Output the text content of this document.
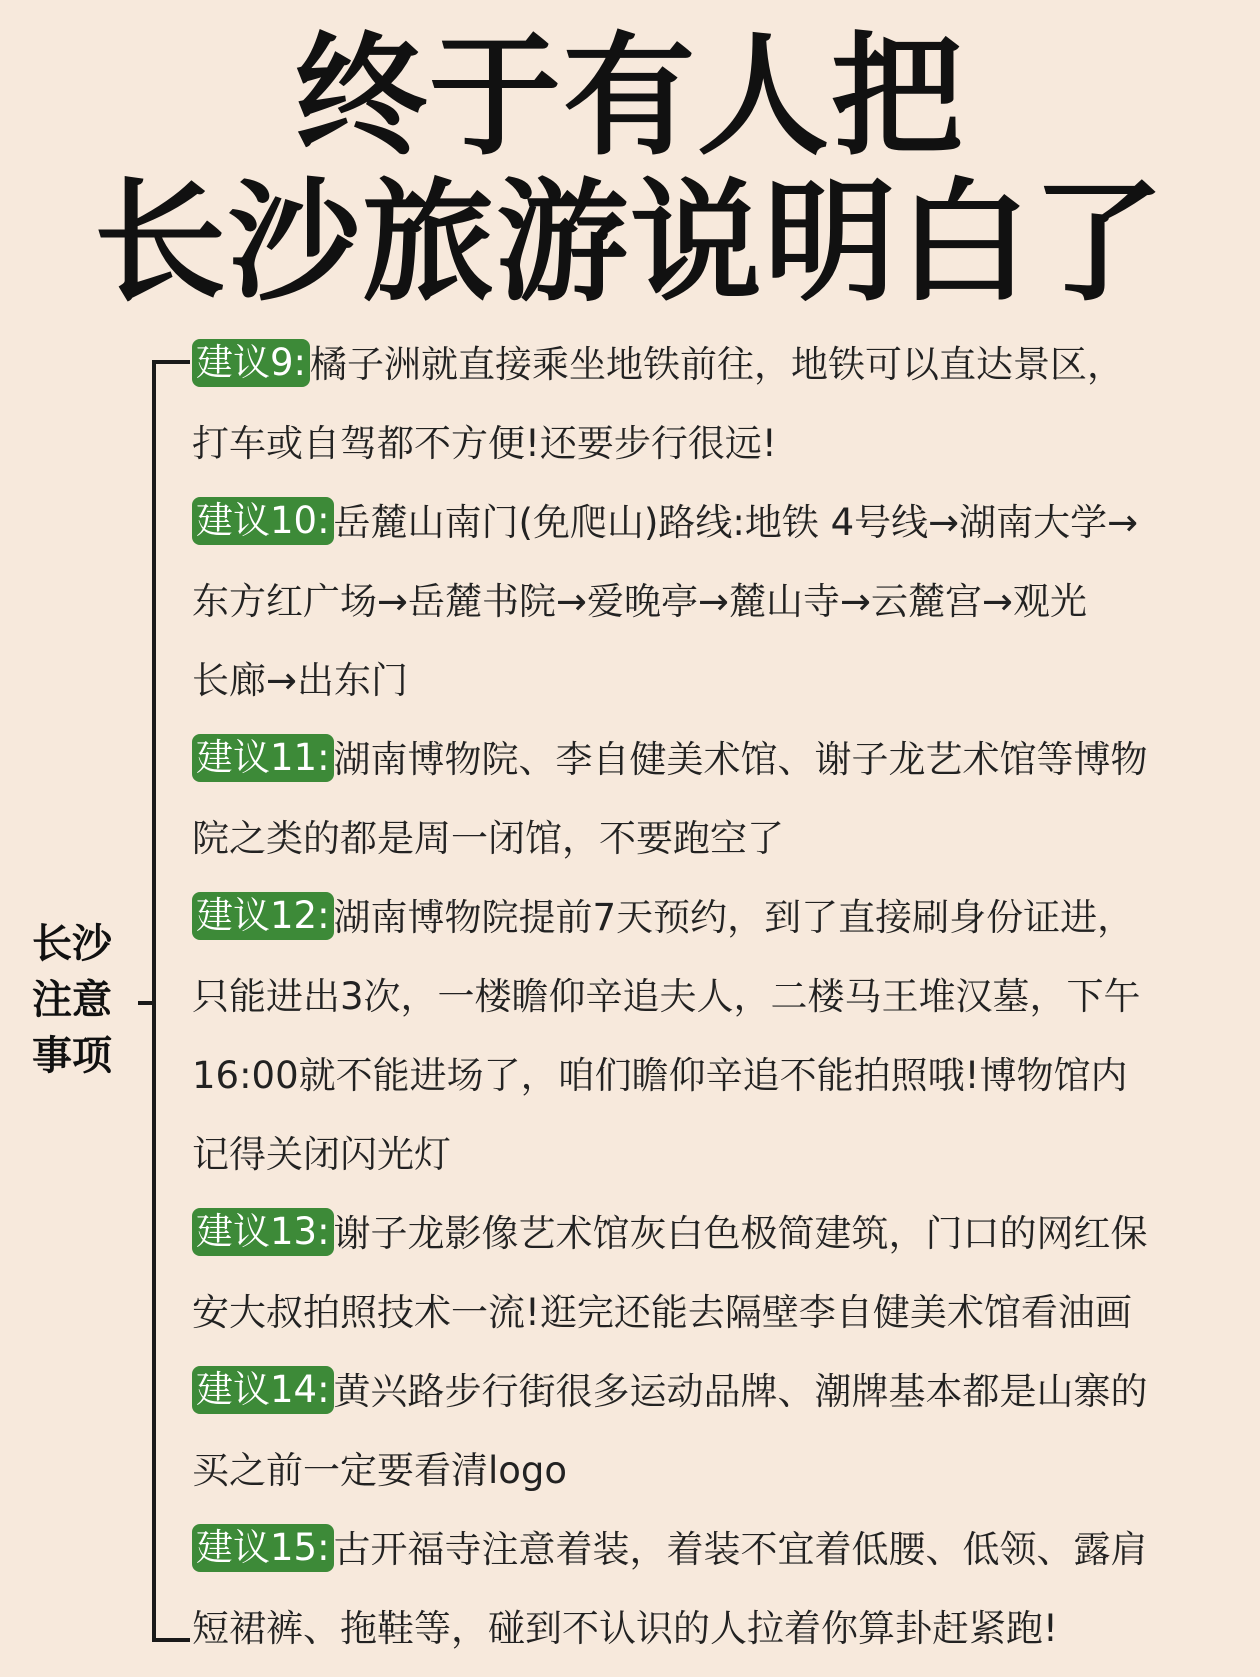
终于有人把
长沙旅游说明白了
长沙
注意
事项
建议9: 橘子洲就直接乘坐地铁前往，地铁可以直达景区，
打车或自驾都不方便!还要步行很远!
建议10: 岳麓山南门(免爬山)路线:地铁 4号线→湖南大学→
东方红广场→岳麓书院→爱晚亭→麓山寺→云麓宫→观光
长廊→出东门
建议11: 湖南博物院、李自健美术馆、谢子龙艺术馆等博物
院之类的都是周一闭馆，不要跑空了
建议12: 湖南博物院提前7天预约，到了直接刷身份证进，
只能进出3次，一楼瞻仰辛追夫人，二楼马王堆汉墓，下午
16:00就不能进场了，咱们瞻仰辛追不能拍照哦!博物馆内
记得关闭闪光灯
建议13: 谢子龙影像艺术馆灰白色极简建筑，门口的网红保
安大叔拍照技术一流!逛完还能去隔壁李自健美术馆看油画
建议14: 黄兴路步行街很多运动品牌、潮牌基本都是山寨的
买之前一定要看清logo
建议15: 古开福寺注意着装，着装不宜着低腰、低领、露肩
短裙裤、拖鞋等，碰到不认识的人拉着你算卦赶紧跑!
